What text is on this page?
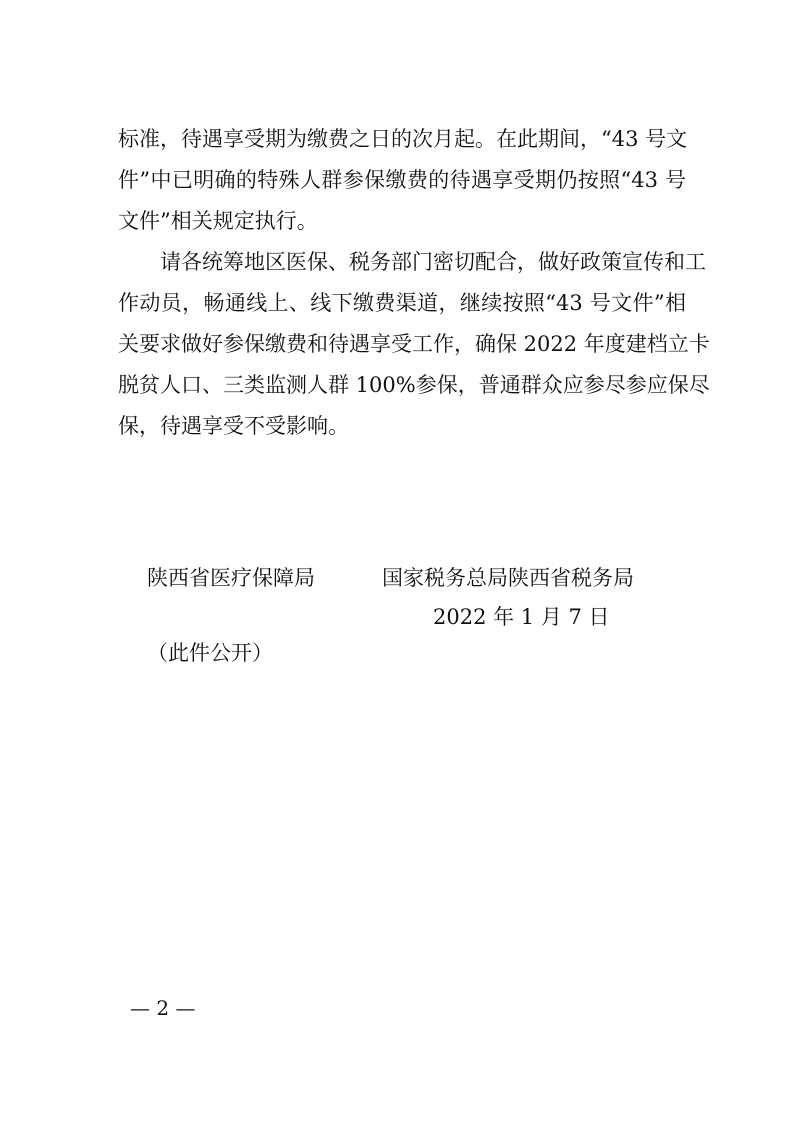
标准，待遇享受期为缴费之日的次月起。在此期间，“43 号文
件”中已明确的特殊人群参保缴费的待遇享受期仍按照“43 号
文件”相关规定执行。
请各统筹地区医保、税务部门密切配合，做好政策宣传和工
作动员，畅通线上、线下缴费渠道，继续按照“43 号文件”相
关要求做好参保缴费和待遇享受工作，确保 2022 年度建档立卡
脱贫人口、三类监测人群 100%参保，普通群众应参尽参应保尽
保，待遇享受不受影响。
陕西省医疗保障局	国家税务总局陕西省税务局
2022 年 1 月 7 日
（此件公开）
— 2 —
